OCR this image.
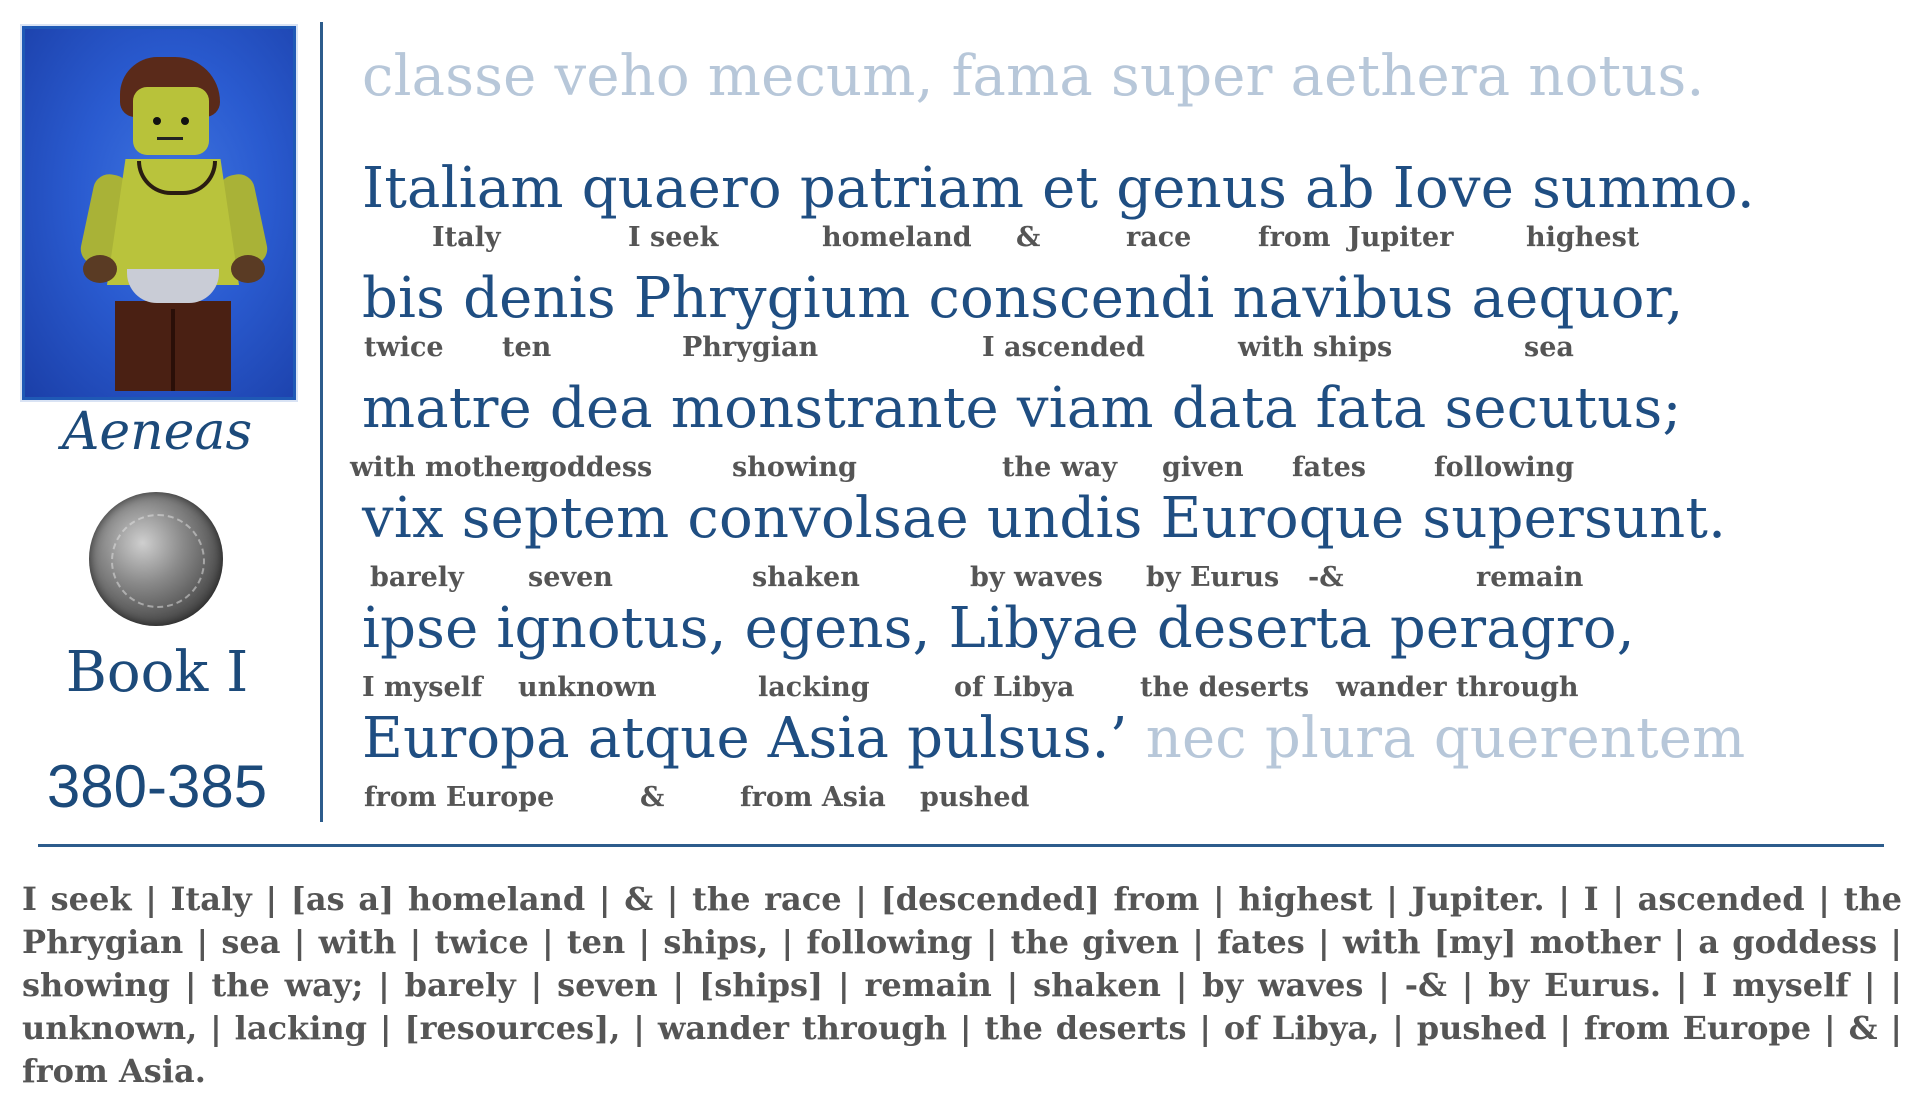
Aeneas
Book I
380-385
classe veho mecum, fama super aethera notus.
Italiam quaero patriam et genus ab Iove summo.
Italy	I seek	homeland &	race from Jupiter	highest
bis denis Phrygium conscendi navibus aequor,
twice ten	Phrygian	I ascended	with ships	sea
matre dea monstrante viam data fata secutus;
with mother
goddess	showing	the way given fates	following
vix septem convolsae undis Euroque supersunt.
barely seven	shaken	by waves by Eurus -&	remain
ipse ignotus, egens, Libyae deserta peragro,
I myself unknown	lacking	of Libya the deserts wander through
Europa atque Asia pulsus.’ nec plura querentem
from Europe	&	from Asia pushed
I seek | Italy | [as a] homeland | & | the race | [descended] from | highest | Jupiter. | I | ascended | the Phrygian | sea | with | twice | ten | ships, | following | the given | fates | with [my] mother | a goddess | showing | the way; | barely | seven | [ships] | remain | shaken | by waves | -& | by Eurus. | I myself | | unknown, | lacking | [resources], | wander through | the deserts | of Libya, | pushed | from Europe | & | from Asia.
